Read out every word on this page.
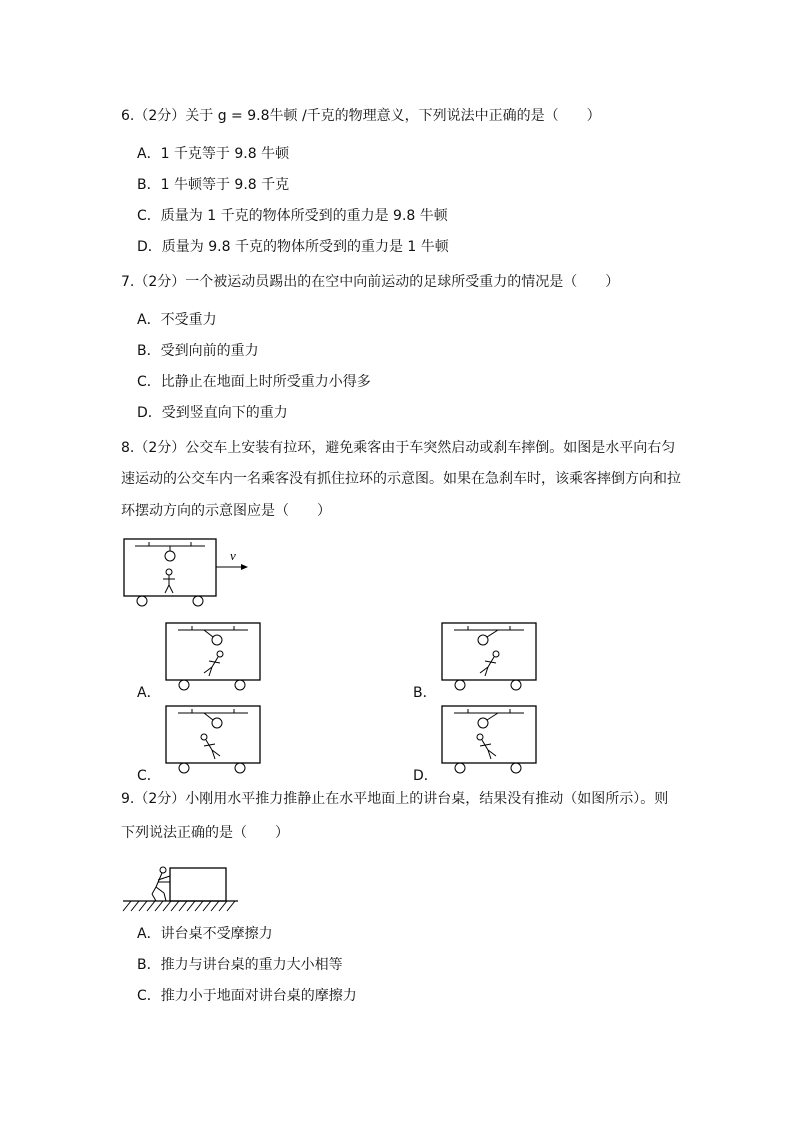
6.（2分）关于 g = 9.8牛顿 /千克的物理意义，下列说法中正确的是（　　）
A．1 千克等于 9.8 牛顿
B．1 牛顿等于 9.8 千克
C．质量为 1 千克的物体所受到的重力是 9.8 牛顿
D．质量为 9.8 千克的物体所受到的重力是 1 牛顿
7.（2分）一个被运动员踢出的在空中向前运动的足球所受重力的情况是（　　）
A．不受重力
B．受到向前的重力
C．比静止在地面上时所受重力小得多
D．受到竖直向下的重力
8.（2分）公交车上安装有拉环，避免乘客由于车突然启动或刹车摔倒。如图是水平向右匀
速运动的公交车内一名乘客没有抓住拉环的示意图。如果在急刹车时，该乘客摔倒方向和拉
环摆动方向的示意图应是（　　）
v
A．	B．
C．	D．
9.（2分）小刚用水平推力推静止在水平地面上的讲台桌，结果没有推动（如图所示）。则
下列说法正确的是（　　）
A．讲台桌不受摩擦力
B．推力与讲台桌的重力大小相等
C．推力小于地面对讲台桌的摩擦力
